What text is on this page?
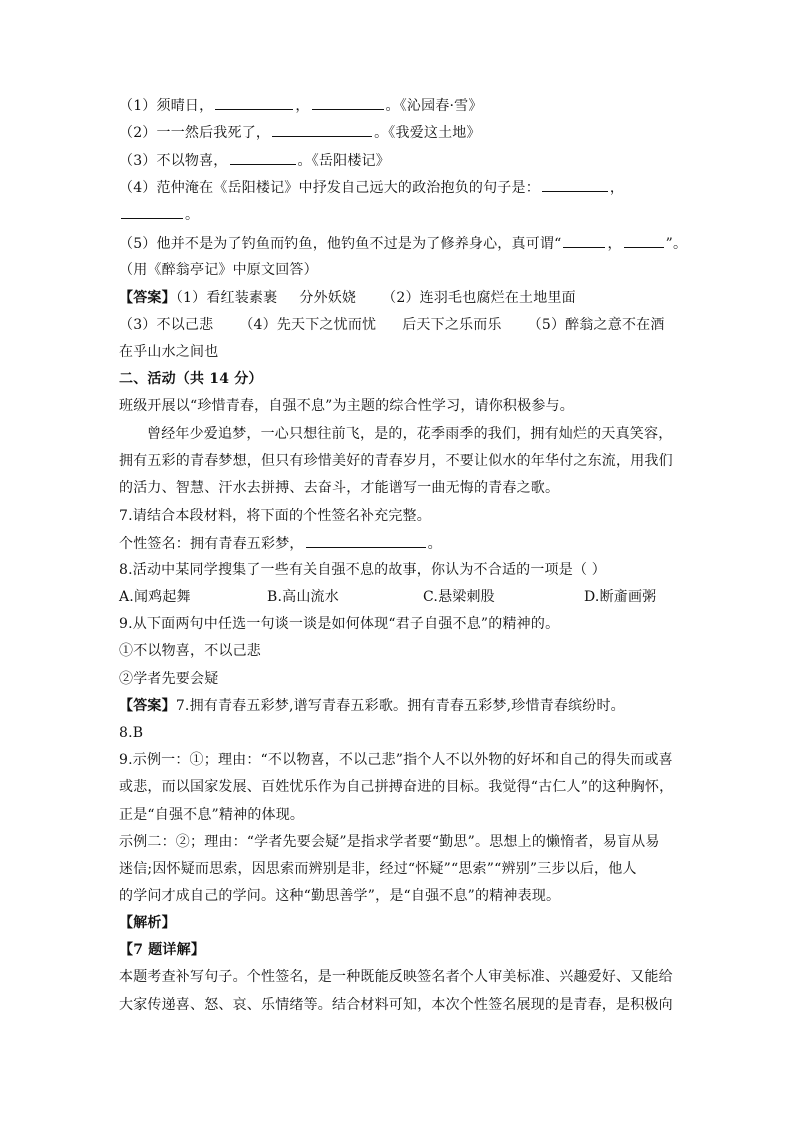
（1）须晴日，	，	。《沁园春·雪》
（2）一一然后我死了，	。《我爱这土地》
（3）不以物喜，	。《岳阳楼记》
（4）范仲淹在《岳阳楼记》中抒发自己远大的政治抱负的句子是：	，
。
（5）他并不是为了钓鱼而钓鱼，他钓鱼不过是为了修养身心，真可谓“	，	”。
（用《醉翁亭记》中原文回答）
【答案】（1）看红装素裹 分外妖娆 （2）连羽毛也腐烂在土地里面
（3）不以己悲 （4）先天下之忧而忧 后天下之乐而乐 （5）醉翁之意不在酒
在乎山水之间也
二、活动（共 14 分）
班级开展以“珍惜青春，自强不息”为主题的综合性学习，请你积极参与。
曾经年少爱追梦，一心只想往前飞，是的，花季雨季的我们，拥有灿烂的天真笑容，
拥有五彩的青春梦想，但只有珍惜美好的青春岁月，不要让似水的年华付之东流，用我们
的活力、智慧、汗水去拼搏、去奋斗，才能谱写一曲无悔的青春之歌。
7.请结合本段材料，将下面的个性签名补充完整。
个性签名：拥有青春五彩梦，	。
8.活动中某同学搜集了一些有关自强不息的故事，你认为不合适的一项是（ ）
A.闻鸡起舞	B.高山流水	C.悬梁刺股	D.断齑画粥
9.从下面两句中任选一句谈一谈是如何体现“君子自强不息”的精神的。
①不以物喜，不以己悲
②学者先要会疑
【答案】7.拥有青春五彩梦,谱写青春五彩歌。拥有青春五彩梦,珍惜青春缤纷时。
8.B
9.示例一：①；理由：“不以物喜，不以己悲”指个人不以外物的好坏和自己的得失而或喜
或悲，而以国家发展、百姓忧乐作为自己拼搏奋进的目标。我觉得“古仁人”的这种胸怀，
正是“自强不息”精神的体现。
示例二：②；理由：“学者先要会疑”是指求学者要“勤思”。思想上的懒惰者，易盲从易
迷信;因怀疑而思索，因思索而辨别是非，经过“怀疑”“思索”“辨别”三步以后，他人
的学问才成自己的学问。这种“勤思善学”，是“自强不息”的精神表现。
【解析】
【7 题详解】
本题考查补写句子。个性签名，是一种既能反映签名者个人审美标准、兴趣爱好、又能给
大家传递喜、怒、哀、乐情绪等。结合材料可知，本次个性签名展现的是青春，是积极向
